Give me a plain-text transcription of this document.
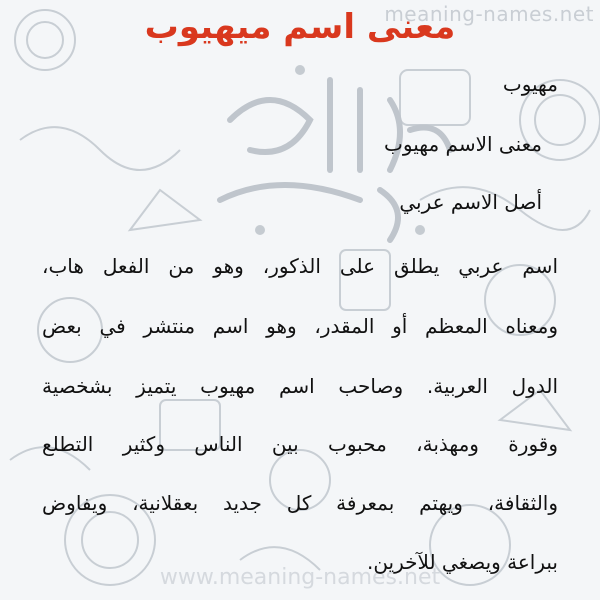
meaning-names.net
معنى اسم ميهيوب
مهيوب
معنى الاسم مهيوب
أصل الاسم عربي
اسم عربي يطلق على الذكور، وهو من الفعل هاب،
ومعناه المعظم أو المقدر، وهو اسم منتشر في بعض
الدول العربية. وصاحب اسم مهيوب يتميز بشخصية
وقورة ومهذبة، محبوب بين الناس وكثير التطلع
والثقافة، ويهتم بمعرفة كل جديد بعقلانية، ويفاوض
ببراعة ويصغي للآخرين.
www.meaning-names.net
